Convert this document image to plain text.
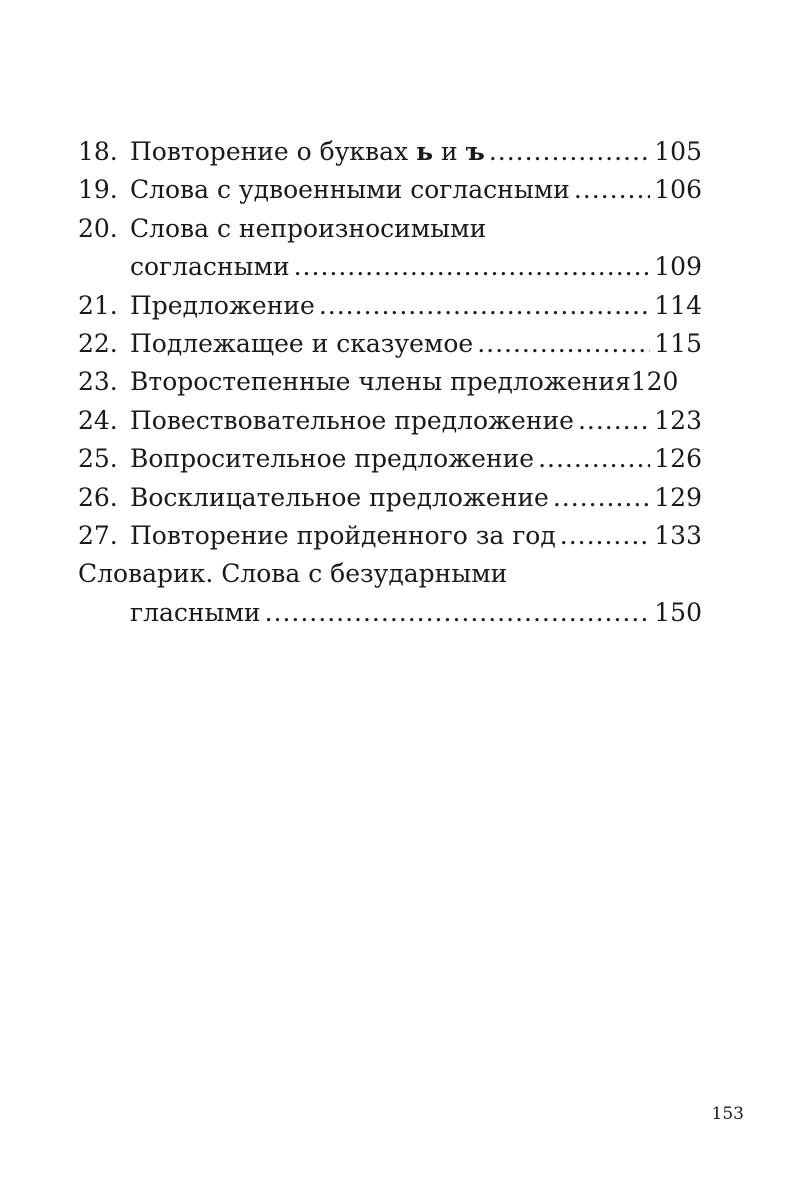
18. Повторение о буквах ь и ъ .....	105
19. Слова с удвоенными согласными .....	106
20. Слова с непроизносимыми
согласными .....	109
21. Предложение .....	114
22. Подлежащее и сказуемое .....	115
23. Второстепенные члены предложения 120
24. Повествовательное предложение .....	123
25. Вопросительное предложение .....	126
26. Восклицательное предложение .....	129
27. Повторение пройденного за год .....	133
Словарик. Слова с безударными
гласными .....	150
153
